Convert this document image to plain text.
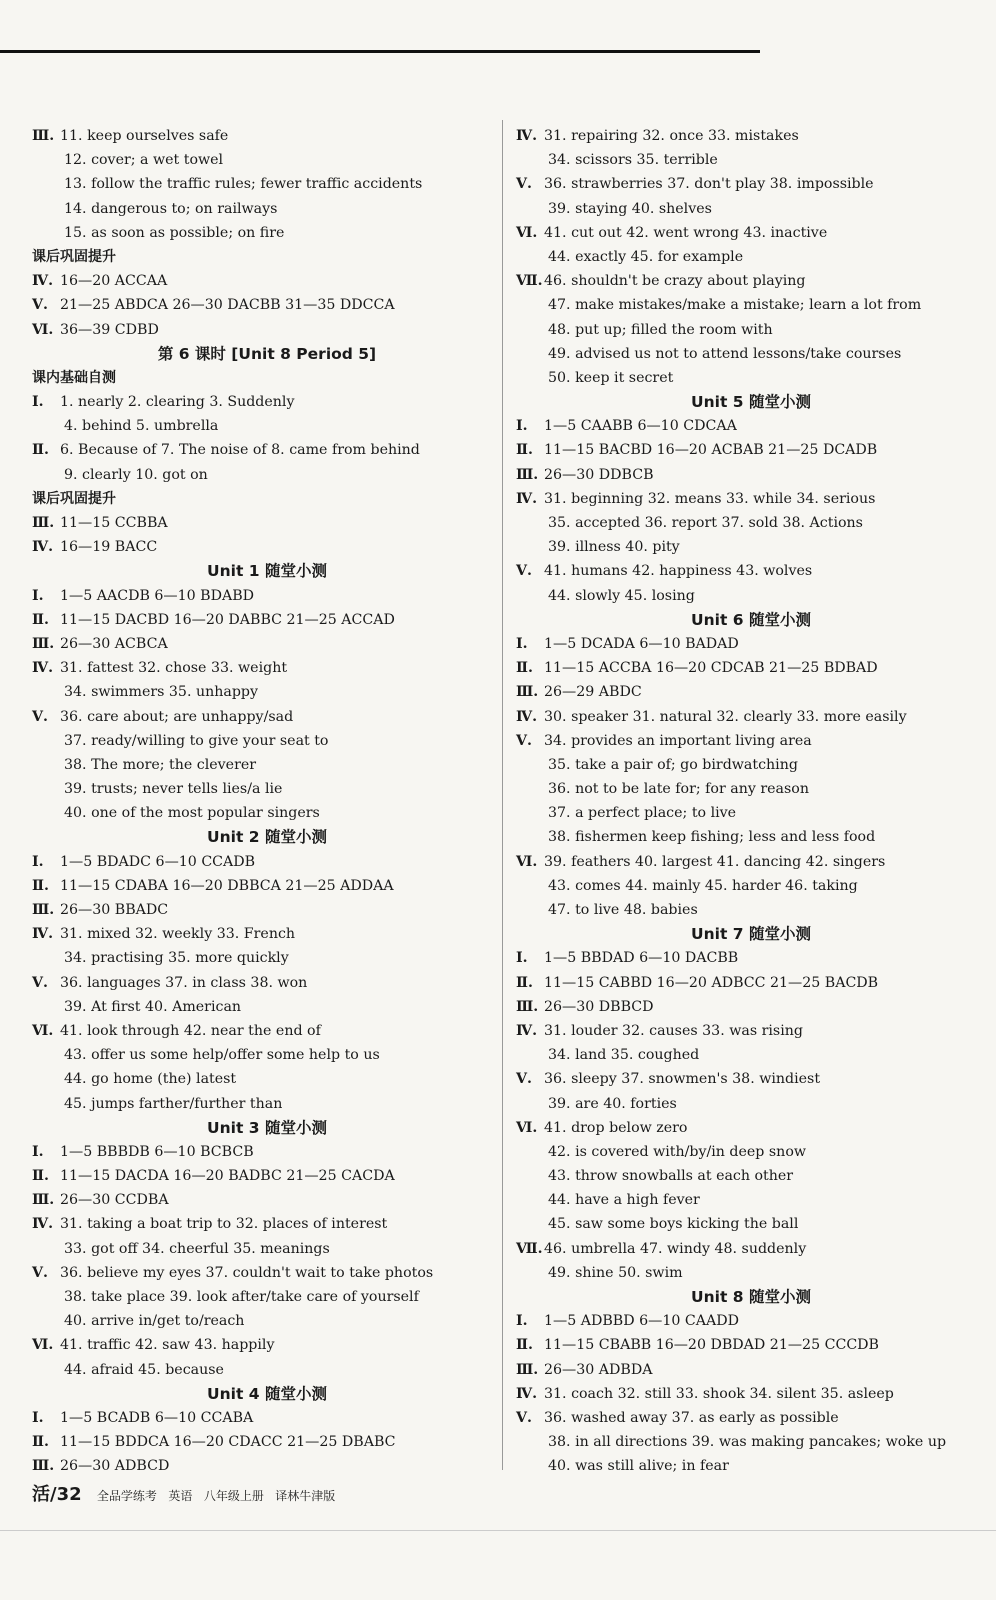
Ⅲ. 11. keep ourselves safe
12. cover; a wet towel
13. follow the traffic rules; fewer traffic accidents
14. dangerous to; on railways
15. as soon as possible; on fire
课后巩固提升
Ⅳ. 16—20 ACCAA
Ⅴ. 21—25 ABDCA 26—30 DACBB 31—35 DDCCA
Ⅵ. 36—39 CDBD
第 6 课时 [Unit 8 Period 5]
课内基础自测
Ⅰ. 1. nearly 2. clearing 3. Suddenly
4. behind 5. umbrella
Ⅱ. 6. Because of 7. The noise of 8. came from behind
9. clearly 10. got on
课后巩固提升
Ⅲ. 11—15 CCBBA
Ⅳ. 16—19 BACC
Unit 1 随堂小测
Ⅰ. 1—5 AACDB 6—10 BDABD
Ⅱ. 11—15 DACBD 16—20 DABBC 21—25 ACCAD
Ⅲ. 26—30 ACBCA
Ⅳ. 31. fattest 32. chose 33. weight
34. swimmers 35. unhappy
Ⅴ. 36. care about; are unhappy/sad
37. ready/willing to give your seat to
38. The more; the cleverer
39. trusts; never tells lies/a lie
40. one of the most popular singers
Unit 2 随堂小测
Ⅰ. 1—5 BDADC 6—10 CCADB
Ⅱ. 11—15 CDABA 16—20 DBBCA 21—25 ADDAA
Ⅲ. 26—30 BBADC
Ⅳ. 31. mixed 32. weekly 33. French
34. practising 35. more quickly
Ⅴ. 36. languages 37. in class 38. won
39. At first 40. American
Ⅵ. 41. look through 42. near the end of
43. offer us some help/offer some help to us
44. go home (the) latest
45. jumps farther/further than
Unit 3 随堂小测
Ⅰ. 1—5 BBBDB 6—10 BCBCB
Ⅱ. 11—15 DACDA 16—20 BADBC 21—25 CACDA
Ⅲ. 26—30 CCDBA
Ⅳ. 31. taking a boat trip to 32. places of interest
33. got off 34. cheerful 35. meanings
Ⅴ. 36. believe my eyes 37. couldn't wait to take photos
38. take place 39. look after/take care of yourself
40. arrive in/get to/reach
Ⅵ. 41. traffic 42. saw 43. happily
44. afraid 45. because
Unit 4 随堂小测
Ⅰ. 1—5 BCADB 6—10 CCABA
Ⅱ. 11—15 BDDCA 16—20 CDACC 21—25 DBABC
Ⅲ. 26—30 ADBCD
Ⅳ. 31. repairing 32. once 33. mistakes
34. scissors 35. terrible
Ⅴ. 36. strawberries 37. don't play 38. impossible
39. staying 40. shelves
Ⅵ. 41. cut out 42. went wrong 43. inactive
44. exactly 45. for example
Ⅶ.46. shouldn't be crazy about playing
47. make mistakes/make a mistake; learn a lot from
48. put up; filled the room with
49. advised us not to attend lessons/take courses
50. keep it secret
Unit 5 随堂小测
Ⅰ. 1—5 CAABB 6—10 CDCAA
Ⅱ. 11—15 BACBD 16—20 ACBAB 21—25 DCADB
Ⅲ. 26—30 DDBCB
Ⅳ. 31. beginning 32. means 33. while 34. serious
35. accepted 36. report 37. sold 38. Actions
39. illness 40. pity
Ⅴ. 41. humans 42. happiness 43. wolves
44. slowly 45. losing
Unit 6 随堂小测
Ⅰ. 1—5 DCADA 6—10 BADAD
Ⅱ. 11—15 ACCBA 16—20 CDCAB 21—25 BDBAD
Ⅲ. 26—29 ABDC
Ⅳ. 30. speaker 31. natural 32. clearly 33. more easily
Ⅴ. 34. provides an important living area
35. take a pair of; go birdwatching
36. not to be late for; for any reason
37. a perfect place; to live
38. fishermen keep fishing; less and less food
Ⅵ. 39. feathers 40. largest 41. dancing 42. singers
43. comes 44. mainly 45. harder 46. taking
47. to live 48. babies
Unit 7 随堂小测
Ⅰ. 1—5 BBDAD 6—10 DACBB
Ⅱ. 11—15 CABBD 16—20 ADBCC 21—25 BACDB
Ⅲ. 26—30 DBBCD
Ⅳ. 31. louder 32. causes 33. was rising
34. land 35. coughed
Ⅴ. 36. sleepy 37. snowmen's 38. windiest
39. are 40. forties
Ⅵ. 41. drop below zero
42. is covered with/by/in deep snow
43. throw snowballs at each other
44. have a high fever
45. saw some boys kicking the ball
Ⅶ.46. umbrella 47. windy 48. suddenly
49. shine 50. swim
Unit 8 随堂小测
Ⅰ. 1—5 ADBBD 6—10 CAADD
Ⅱ. 11—15 CBABB 16—20 DBDAD 21—25 CCCDB
Ⅲ. 26—30 ADBDA
Ⅳ. 31. coach 32. still 33. shook 34. silent 35. asleep
Ⅴ. 36. washed away 37. as early as possible
38. in all directions 39. was making pancakes; woke up
40. was still alive; in fear
活/32 全品学练考 英语 八年级上册 译林牛津版
